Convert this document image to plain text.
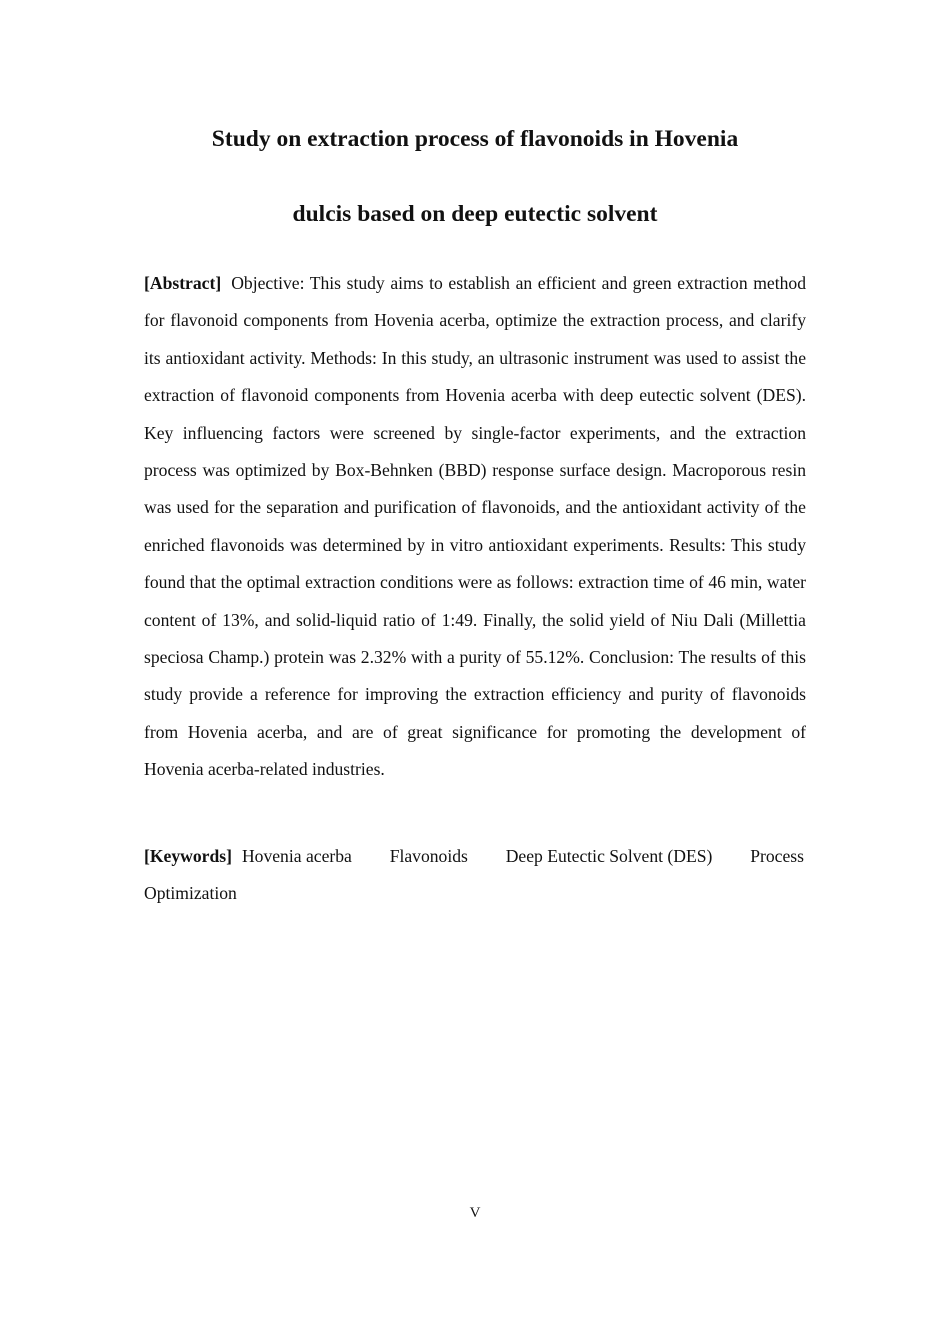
Study on extraction process of flavonoids in Hovenia
dulcis based on deep eutectic solvent

[Abstract] Objective: This study aims to establish an efficient and green extraction method for flavonoid components from Hovenia acerba, optimize the extraction process, and clarify its antioxidant activity. Methods: In this study, an ultrasonic instrument was used to assist the extraction of flavonoid components from Hovenia acerba with deep eutectic solvent (DES). Key influencing factors were screened by single-factor experiments, and the extraction process was optimized by Box-Behnken (BBD) response surface design. Macroporous resin was used for the separation and purification of flavonoids, and the antioxidant activity of the enriched flavonoids was determined by in vitro antioxidant experiments. Results: This study found that the optimal extraction conditions were as follows: extraction time of 46 min, water content of 13%, and solid-liquid ratio of 1:49. Finally, the solid yield of Niu Dali (Millettia speciosa Champ.) protein was 2.32% with a purity of 55.12%. Conclusion: The results of this study provide a reference for improving the extraction efficiency and purity of flavonoids from Hovenia acerba, and are of great significance for promoting the development of Hovenia acerba-related industries.

[Keywords] Hovenia acerba Flavonoids Deep Eutectic Solvent (DES) Process
Optimization
V
